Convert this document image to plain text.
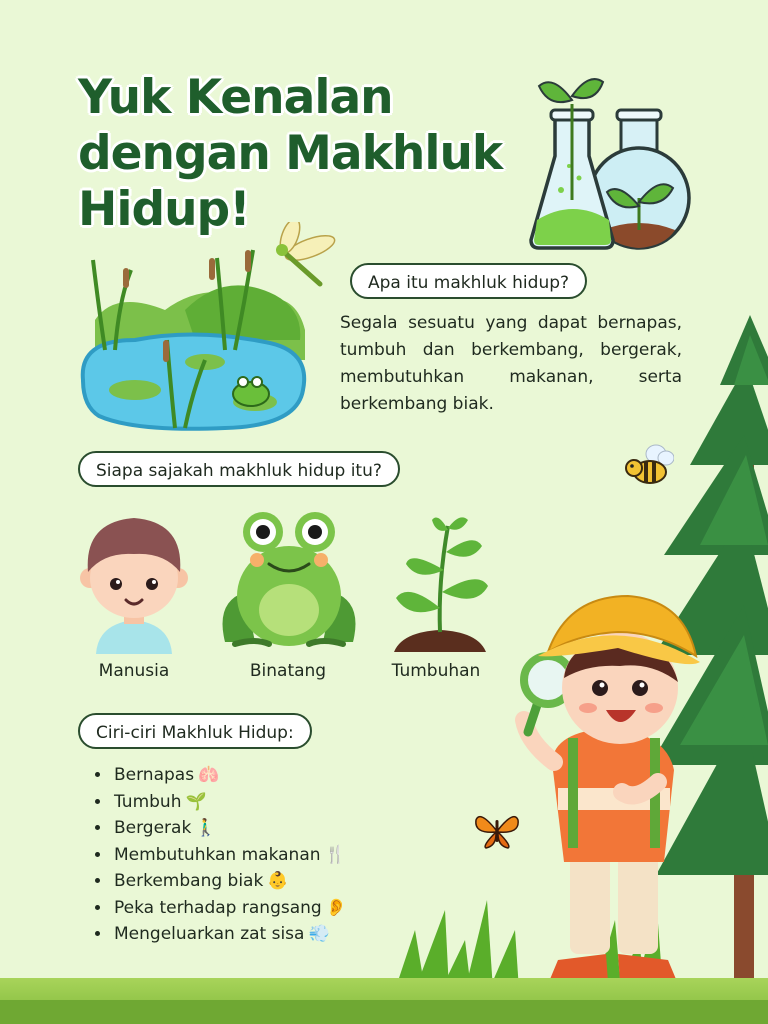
Yuk Kenalan
dengan Makhluk
Hidup!
Apa itu makhluk hidup?

Segala sesuatu yang dapat bernapas, tumbuh dan berkembang, bergerak, membutuhkan makanan, serta berkembang biak.

Siapa sajakah makhluk hidup itu?
Manusia	Binatang	Tumbuhan
Ciri-ciri Makhluk Hidup:
• Bernapas 🫁
• Tumbuh 🌱
• Bergerak 🚶‍♂️
• Membutuhkan makanan 🍴
• Berkembang biak 👶
• Peka terhadap rangsang 👂
• Mengeluarkan zat sisa 💨
